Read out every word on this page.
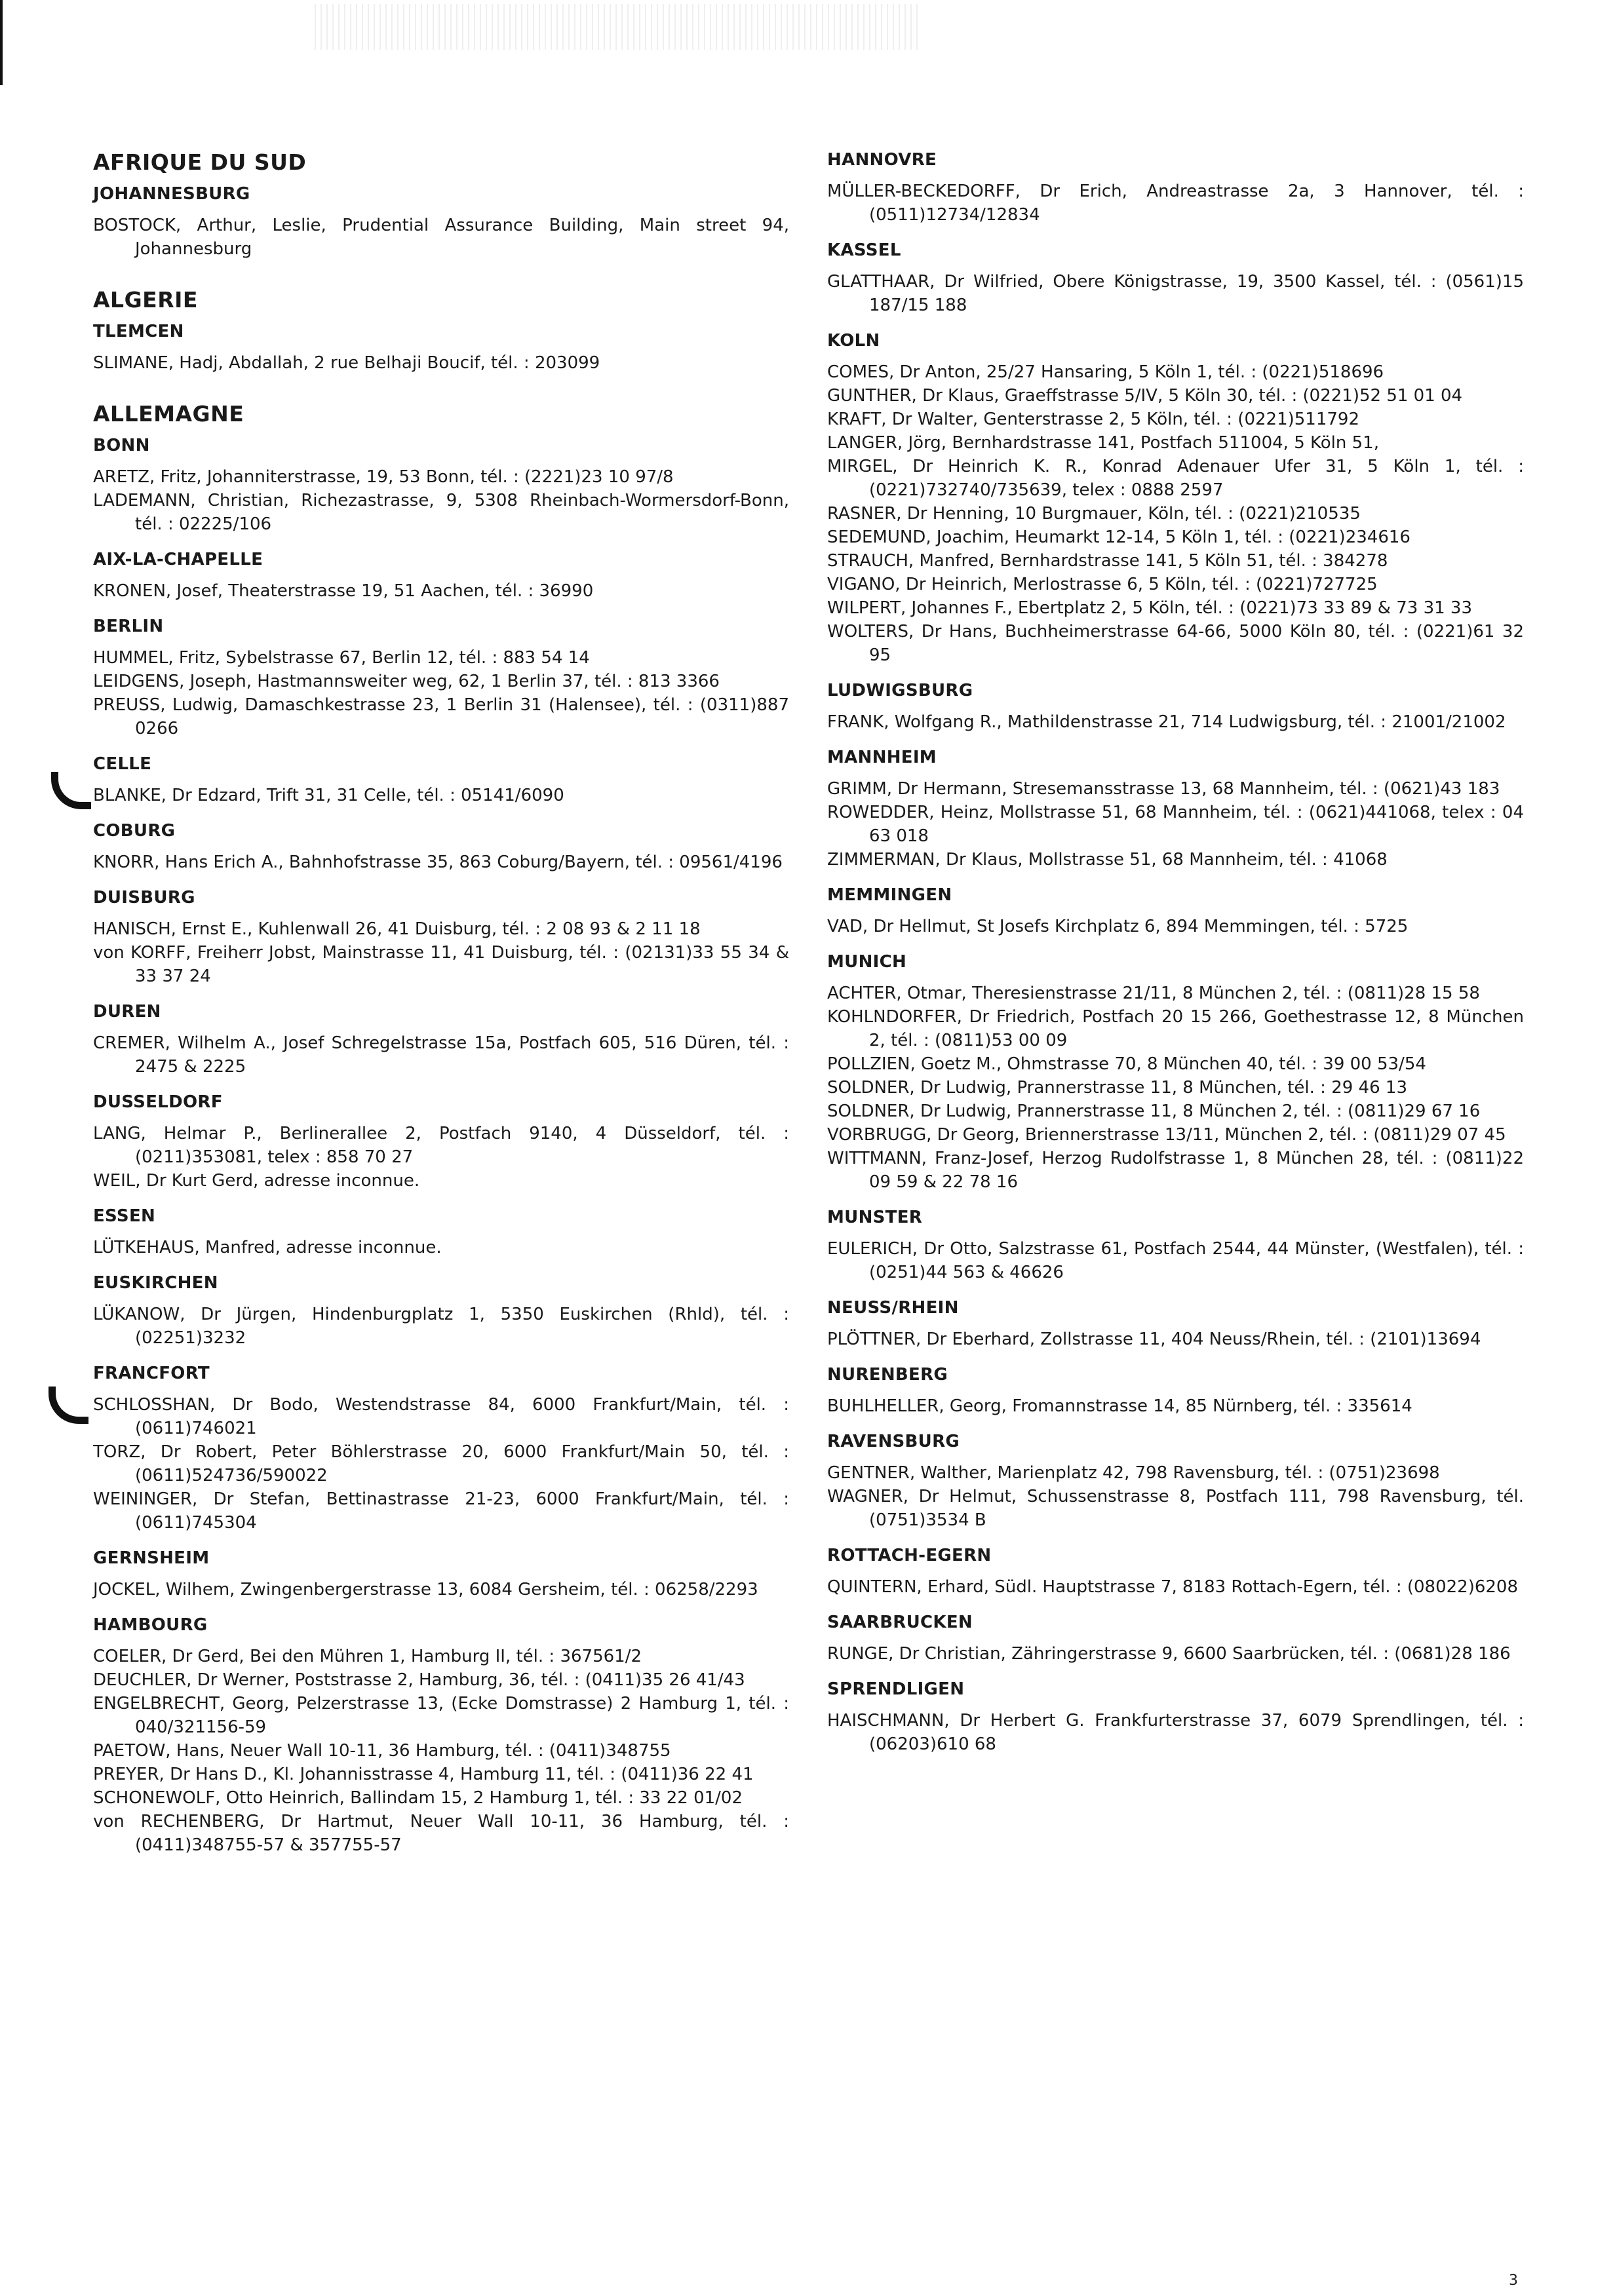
AFRIQUE DU SUD
JOHANNESBURG
BOSTOCK, Arthur, Leslie, Prudential Assurance Building, Main street 94, Johannesburg
ALGERIE
TLEMCEN
SLIMANE, Hadj, Abdallah, 2 rue Belhaji Boucif, tél. : 203099
ALLEMAGNE
BONN
ARETZ, Fritz, Johanniterstrasse, 19, 53 Bonn, tél. : (2221)23 10 97/8
LADEMANN, Christian, Richezastrasse, 9, 5308 Rheinbach-Wormersdorf-Bonn, tél. : 02225/106
AIX-LA-CHAPELLE
KRONEN, Josef, Theaterstrasse 19, 51 Aachen, tél. : 36990
BERLIN
HUMMEL, Fritz, Sybelstrasse 67, Berlin 12, tél. : 883 54 14
LEIDGENS, Joseph, Hastmannsweiter weg, 62, 1 Berlin 37, tél. : 813 3366
PREUSS, Ludwig, Damaschkestrasse 23, 1 Berlin 31 (Halensee), tél. : (0311)887 0266
CELLE
BLANKE, Dr Edzard, Trift 31, 31 Celle, tél. : 05141/6090
COBURG
KNORR, Hans Erich A., Bahnhofstrasse 35, 863 Coburg/Bayern, tél. : 09561/4196
DUISBURG
HANISCH, Ernst E., Kuhlenwall 26, 41 Duisburg, tél. : 2 08 93 & 2 11 18
von KORFF, Freiherr Jobst, Mainstrasse 11, 41 Duisburg, tél. : (02131)33 55 34 & 33 37 24
DUREN
CREMER, Wilhelm A., Josef Schregelstrasse 15a, Postfach 605, 516 Düren, tél. : 2475 & 2225
DUSSELDORF
LANG, Helmar P., Berlinerallee 2, Postfach 9140, 4 Düsseldorf, tél. : (0211)353081, telex : 858 70 27
WEIL, Dr Kurt Gerd, adresse inconnue.
ESSEN
LÜTKEHAUS, Manfred, adresse inconnue.
EUSKIRCHEN
LÜKANOW, Dr Jürgen, Hindenburgplatz 1, 5350 Euskirchen (Rhld), tél. : (02251)3232
FRANCFORT
SCHLOSSHAN, Dr Bodo, Westendstrasse 84, 6000 Frankfurt/Main, tél. : (0611)746021
TORZ, Dr Robert, Peter Böhlerstrasse 20, 6000 Frankfurt/Main 50, tél. : (0611)524736/590022
WEININGER, Dr Stefan, Bettinastrasse 21-23, 6000 Frankfurt/Main, tél. : (0611)745304
GERNSHEIM
JOCKEL, Wilhem, Zwingenbergerstrasse 13, 6084 Gersheim, tél. : 06258/2293
HAMBOURG
COELER, Dr Gerd, Bei den Mühren 1, Hamburg II, tél. : 367561/2
DEUCHLER, Dr Werner, Poststrasse 2, Hamburg, 36, tél. : (0411)35 26 41/43
ENGELBRECHT, Georg, Pelzerstrasse 13, (Ecke Domstrasse) 2 Hamburg 1, tél. : 040/321156-59
PAETOW, Hans, Neuer Wall 10-11, 36 Hamburg, tél. : (0411)348755
PREYER, Dr Hans D., Kl. Johannisstrasse 4, Hamburg 11, tél. : (0411)36 22 41
SCHONEWOLF, Otto Heinrich, Ballindam 15, 2 Hamburg 1, tél. : 33 22 01/02
von RECHENBERG, Dr Hartmut, Neuer Wall 10-11, 36 Hamburg, tél. : (0411)348755-57 & 357755-57
HANNOVRE
MÜLLER-BECKEDORFF, Dr Erich, Andreastrasse 2a, 3 Hannover, tél. : (0511)12734/12834
KASSEL
GLATTHAAR, Dr Wilfried, Obere Königstrasse, 19, 3500 Kassel, tél. : (0561)15 187/15 188
KOLN
COMES, Dr Anton, 25/27 Hansaring, 5 Köln 1, tél. : (0221)518696
GUNTHER, Dr Klaus, Graeffstrasse 5/IV, 5 Köln 30, tél. : (0221)52 51 01 04
KRAFT, Dr Walter, Genterstrasse 2, 5 Köln, tél. : (0221)511792
LANGER, Jörg, Bernhardstrasse 141, Postfach 511004, 5 Köln 51,
MIRGEL, Dr Heinrich K. R., Konrad Adenauer Ufer 31, 5 Köln 1, tél. : (0221)732740/735639, telex : 0888 2597
RASNER, Dr Henning, 10 Burgmauer, Köln, tél. : (0221)210535
SEDEMUND, Joachim, Heumarkt 12-14, 5 Köln 1, tél. : (0221)234616
STRAUCH, Manfred, Bernhardstrasse 141, 5 Köln 51, tél. : 384278
VIGANO, Dr Heinrich, Merlostrasse 6, 5 Köln, tél. : (0221)727725
WILPERT, Johannes F., Ebertplatz 2, 5 Köln, tél. : (0221)73 33 89 & 73 31 33
WOLTERS, Dr Hans, Buchheimerstrasse 64-66, 5000 Köln 80, tél. : (0221)61 32 95
LUDWIGSBURG
FRANK, Wolfgang R., Mathildenstrasse 21, 714 Ludwigsburg, tél. : 21001/21002
MANNHEIM
GRIMM, Dr Hermann, Stresemansstrasse 13, 68 Mannheim, tél. : (0621)43 183
ROWEDDER, Heinz, Mollstrasse 51, 68 Mannheim, tél. : (0621)441068, telex : 04 63 018
ZIMMERMAN, Dr Klaus, Mollstrasse 51, 68 Mannheim, tél. : 41068
MEMMINGEN
VAD, Dr Hellmut, St Josefs Kirchplatz 6, 894 Memmingen, tél. : 5725
MUNICH
ACHTER, Otmar, Theresienstrasse 21/11, 8 München 2, tél. : (0811)28 15 58
KOHLNDORFER, Dr Friedrich, Postfach 20 15 266, Goethestrasse 12, 8 München 2, tél. : (0811)53 00 09
POLLZIEN, Goetz M., Ohmstrasse 70, 8 München 40, tél. : 39 00 53/54
SOLDNER, Dr Ludwig, Prannerstrasse 11, 8 München, tél. : 29 46 13
SOLDNER, Dr Ludwig, Prannerstrasse 11, 8 München 2, tél. : (0811)29 67 16
VORBRUGG, Dr Georg, Briennerstrasse 13/11, München 2, tél. : (0811)29 07 45
WITTMANN, Franz-Josef, Herzog Rudolfstrasse 1, 8 München 28, tél. : (0811)22 09 59 & 22 78 16
MUNSTER
EULERICH, Dr Otto, Salzstrasse 61, Postfach 2544, 44 Münster, (Westfalen), tél. : (0251)44 563 & 46626
NEUSS/RHEIN
PLÖTTNER, Dr Eberhard, Zollstrasse 11, 404 Neuss/Rhein, tél. : (2101)13694
NURENBERG
BUHLHELLER, Georg, Fromannstrasse 14, 85 Nürnberg, tél. : 335614
RAVENSBURG
GENTNER, Walther, Marienplatz 42, 798 Ravensburg, tél. : (0751)23698
WAGNER, Dr Helmut, Schussenstrasse 8, Postfach 111, 798 Ravensburg, tél. (0751)3534 B
ROTTACH-EGERN
QUINTERN, Erhard, Südl. Hauptstrasse 7, 8183 Rottach-Egern, tél. : (08022)6208
SAARBRUCKEN
RUNGE, Dr Christian, Zähringerstrasse 9, 6600 Saarbrücken, tél. : (0681)28 186
SPRENDLIGEN
HAISCHMANN, Dr Herbert G. Frankfurterstrasse 37, 6079 Sprendlingen, tél. : (06203)610 68
3
